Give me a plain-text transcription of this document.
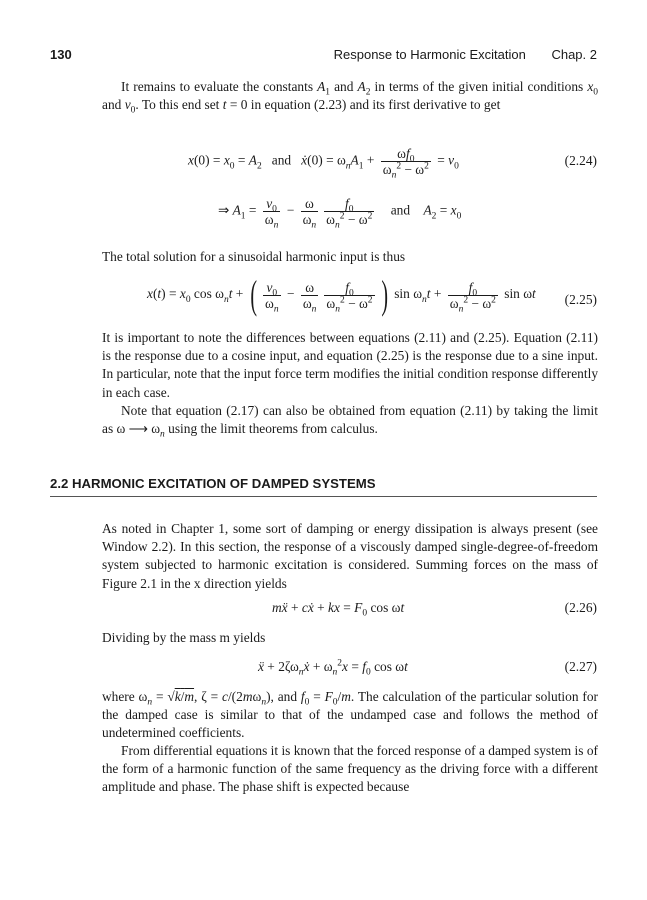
130	Response to Harmonic Excitation Chap. 2

It remains to evaluate the constants $A_1$ and $A_2$ in terms of the given initial conditions $x_0$ and $v_0$. To this end set t = 0 in equation (2.23) and its first derivative to get

$x(0) = x_0 = A_2$ and ẋ(0) = $\omega_nA_1 + \frac{\omega f_0}{\omega_n^2 - \omega^2} = v_0$	(2.24)
⇒ $A_1 = \frac{v_0}{\omega_n} - \frac{\omega}{\omega_n} \frac{f_0}{\omega_n^2 - \omega^2}$ and $A_2 = x_0$

The total solution for a sinusoidal harmonic input is thus

$x(t) = x_0$ $\cos \omega_nt$ + ( $\frac{v_0}{\omega_n} - \frac{\omega}{\omega_n} \frac{f_0}{\omega_n^2 - \omega^2}$ ) $\sin \omega_nt + \frac{f_0}{\omega_n^2 - \omega^2}$ sin ωt (2.25)

It is important to note the differences between equations (2.11) and (2.25). Equation (2.11) is the response due to a cosine input, and equation (2.25) is the response due to a sine input. In particular, note that the input force term modifies the initial condition response differently in each case.

Note that equation (2.17) can also be obtained from equation (2.11) by taking the limit as ω ⟶ $\omega_n$ using the limit theorems from calculus.

2.2 HARMONIC EXCITATION OF DAMPED SYSTEMS

As noted in Chapter 1, some sort of damping or energy dissipation is always present (see Window 2.2). In this section, the response of a viscously damped single-degree-of-freedom system subjected to harmonic excitation is considered. Summing forces on the mass of Figure 2.1 in the x direction yields

mẍ + cẋ + kx = $F_0$ cos ωt	(2.26)

Dividing by the mass m yields

ẍ + $2\zeta\omega_nẋ + \omega_n^2x = f_0$ cos ωt	(2.27)

where $\omega_n = √k/m$, $\zeta = c/(2m\omega_n)$, and $f_0 = F_0/m$. The calculation of the particular solution for the damped case is similar to that of the undamped case and follows the method of undetermined coefficients.

From differential equations it is known that the forced response of a damped system is of the form of a harmonic function of the same frequency as the driving force with a different amplitude and phase. The phase shift is expected because
